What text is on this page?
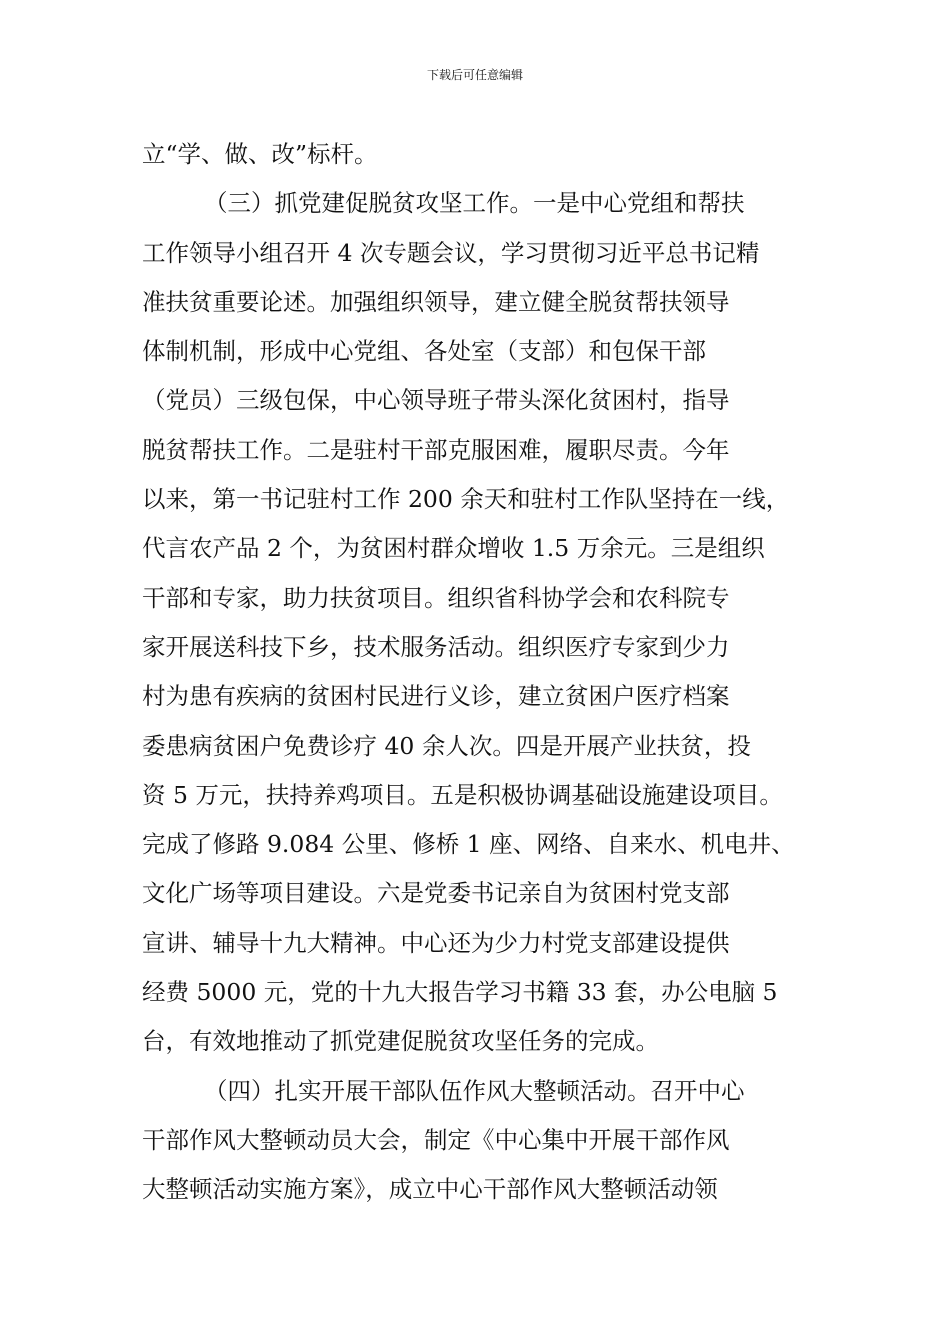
下载后可任意编辑
立“学、做、改”标杆。
（三）抓党建促脱贫攻坚工作。一是中心党组和帮扶
工作领导小组召开 4 次专题会议，学习贯彻习近平总书记精
准扶贫重要论述。加强组织领导，建立健全脱贫帮扶领导
体制机制，形成中心党组、各处室（支部）和包保干部
（党员）三级包保，中心领导班子带头深化贫困村，指导
脱贫帮扶工作。二是驻村干部克服困难，履职尽责。今年
以来，第一书记驻村工作 200 余天和驻村工作队坚持在一线，
代言农产品 2 个，为贫困村群众增收 1.5 万余元。三是组织
干部和专家，助力扶贫项目。组织省科协学会和农科院专
家开展送科技下乡，技术服务活动。组织医疗专家到少力
村为患有疾病的贫困村民进行义诊，建立贫困户医疗档案
委患病贫困户免费诊疗 40 余人次。四是开展产业扶贫，投
资 5 万元，扶持养鸡项目。五是积极协调基础设施建设项目。
完成了修路 9.084 公里、修桥 1 座、网络、自来水、机电井、
文化广场等项目建设。六是党委书记亲自为贫困村党支部
宣讲、辅导十九大精神。中心还为少力村党支部建设提供
经费 5000 元，党的十九大报告学习书籍 33 套，办公电脑 5
台，有效地推动了抓党建促脱贫攻坚任务的完成。
（四）扎实开展干部队伍作风大整顿活动。召开中心
干部作风大整顿动员大会，制定《中心集中开展干部作风
大整顿活动实施方案》，成立中心干部作风大整顿活动领
